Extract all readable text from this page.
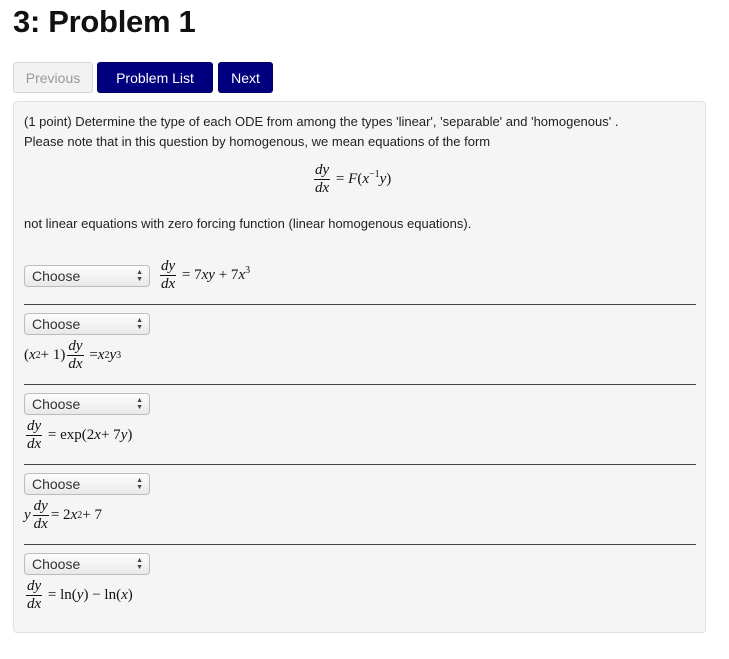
3: Problem 1
Previous	Problem List	Next
(1 point) Determine the type of each ODE from among the types 'linear', 'separable' and 'homogenous' .
Please note that in this question by homogenous, we mean equations of the form
$\frac{dy}{dx} = F(x^{-1}y)$
not linear equations with zero forcing function (linear homogenous equations).
Choose	▲
▼ $\frac{dy}{dx} = 7xy + 7x^3$
Choose	▲
▼
( x $2 + 1) \frac{dy}{dx} = x$ 2 y 3
Choose	▲
▼
$\frac{dy}{dx} = \exp(2$ x + 7 y )
Choose	▲
▼
y $\frac{dy}{dx} = 2$ x 2 + 7
Choose	▲
▼
$\frac{dy}{dx} = \ln$( y ) − ln( x )
